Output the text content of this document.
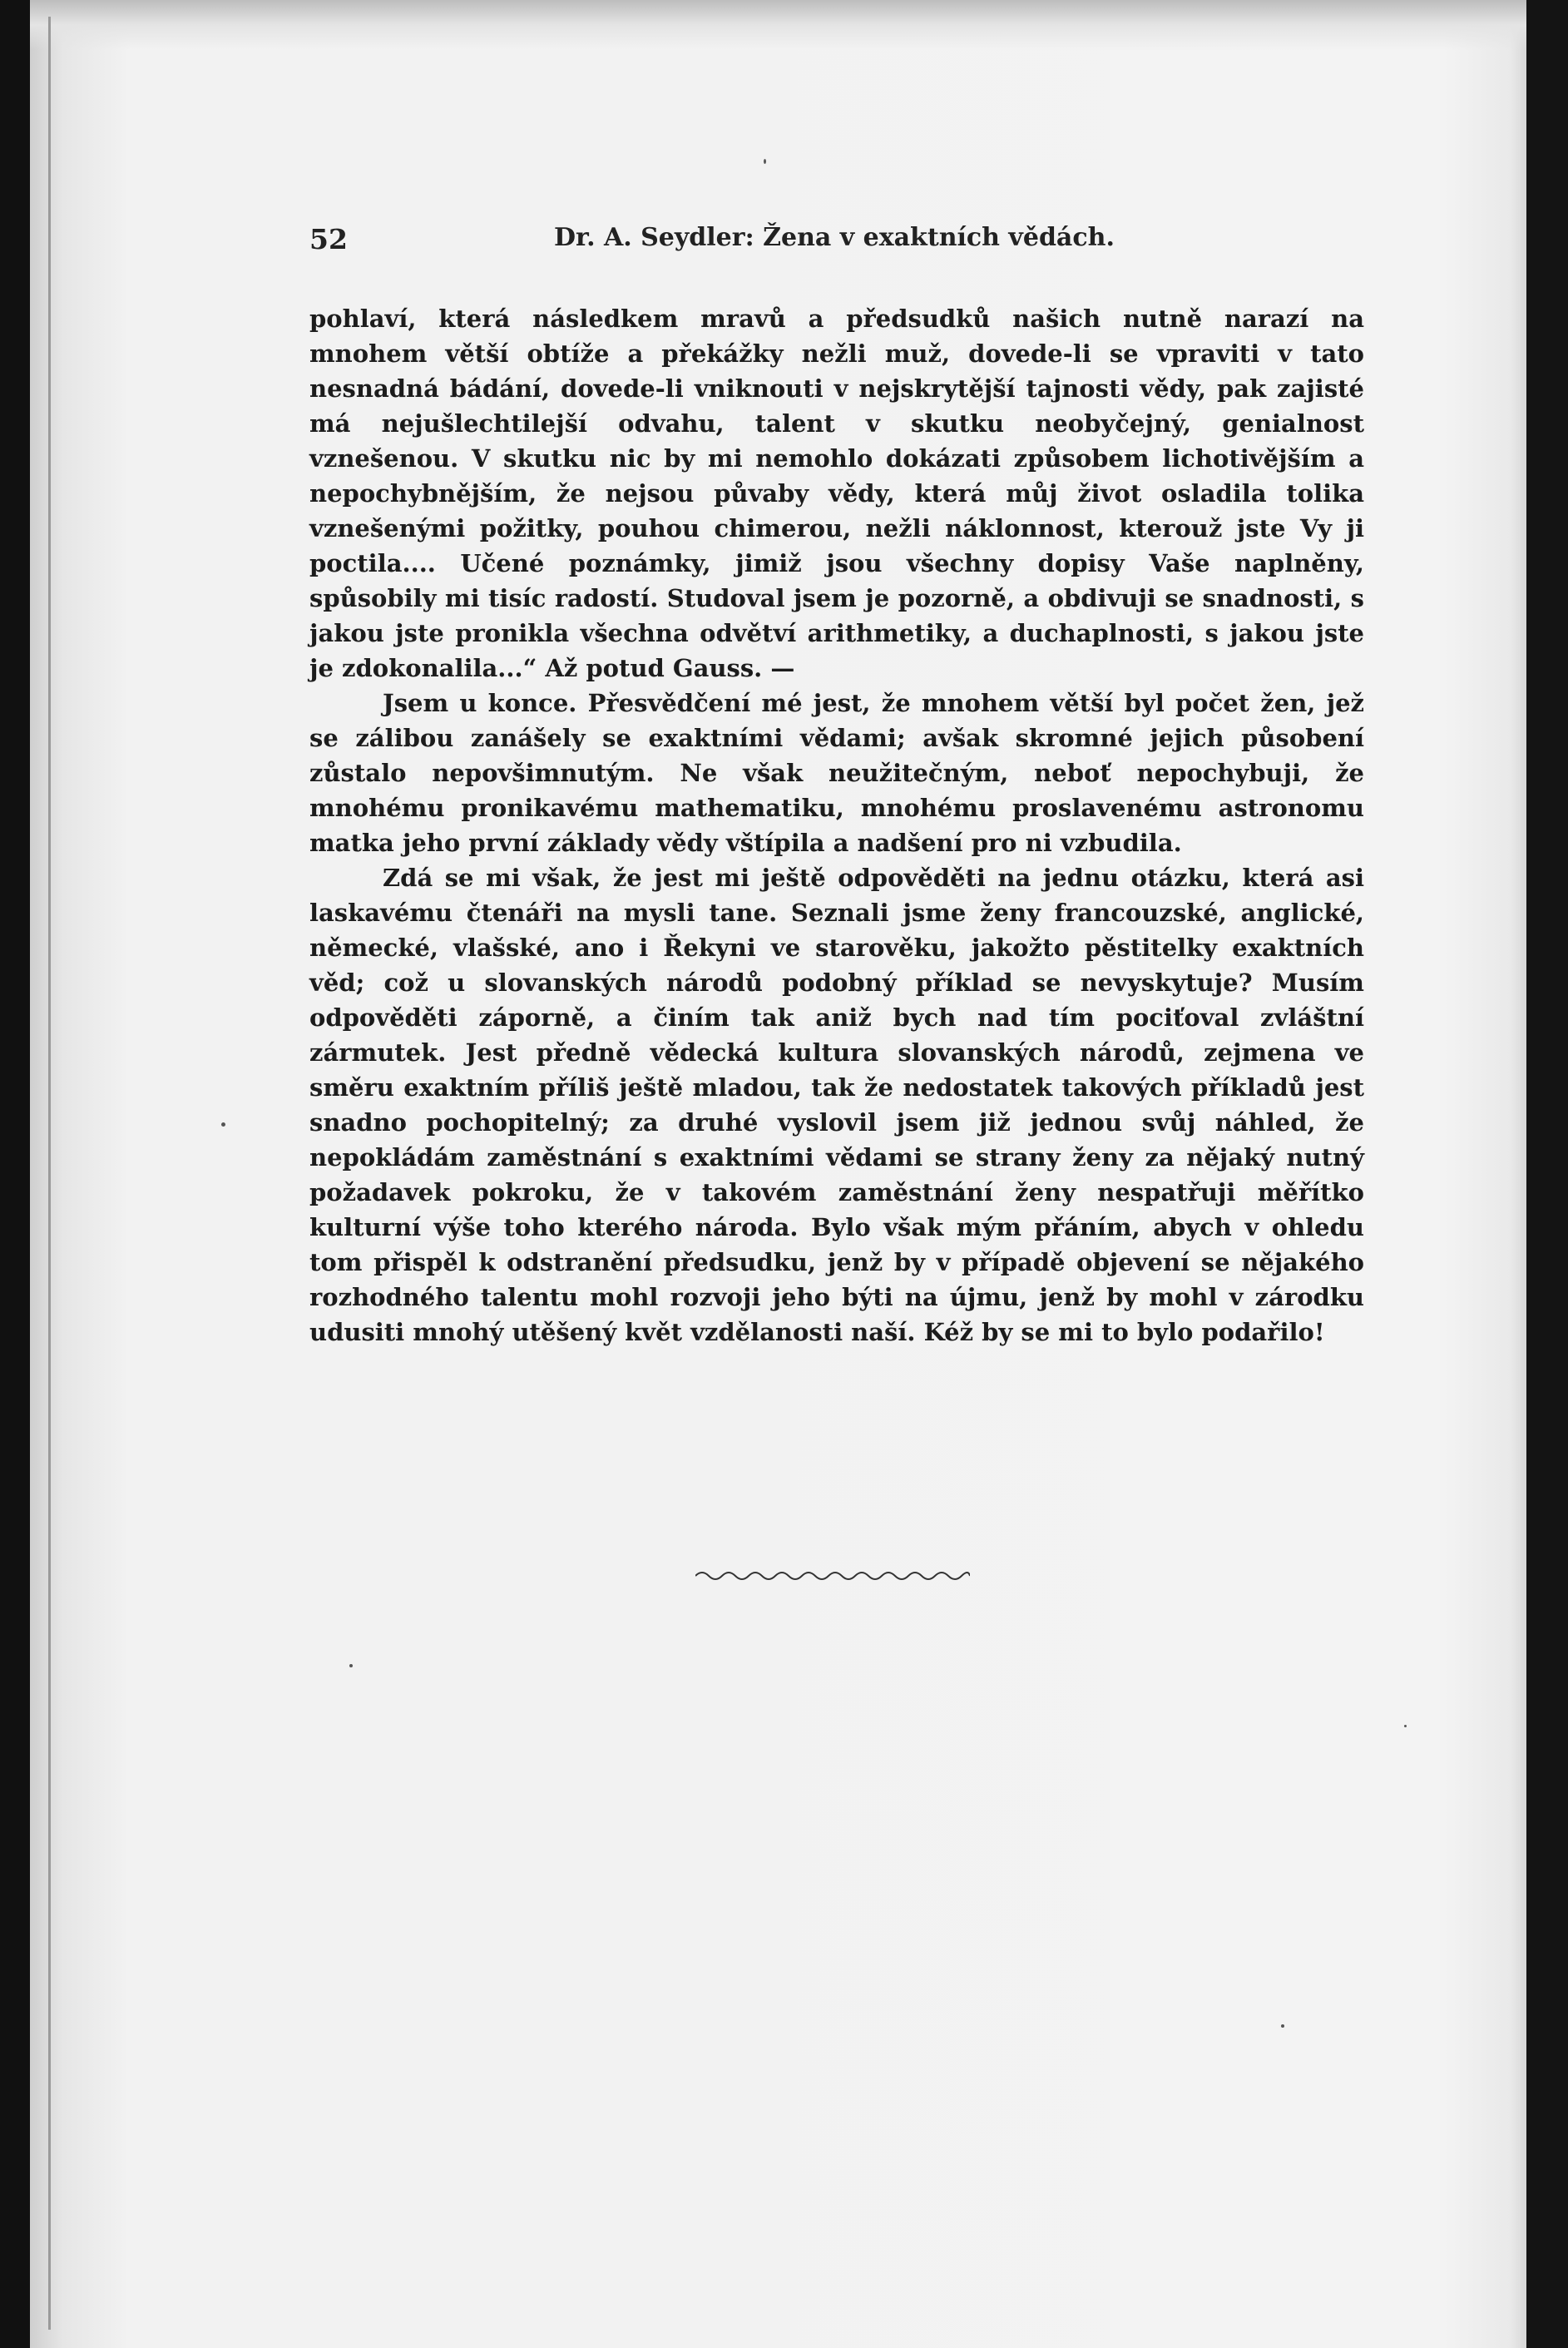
52	Dr. A. Seydler: Žena v exaktních vědách.

pohlaví, která následkem mravů a předsudků našich nutně narazí na mnohem větší obtíže a překážky nežli muž, dovede-li se vpraviti v tato nesnadná bádání, dovede-li vniknouti v nejskrytější tajnosti vědy, pak zajisté má nejušlechtilejší odvahu, talent v skutku neobyčejný, genialnost vznešenou. V skutku nic by mi nemohlo dokázati způsobem lichotivějším a nepochybnějším, že nejsou půvaby vědy, která můj život osladila tolika vznešenými požitky, pouhou chimerou, nežli náklonnost, kterouž jste Vy ji poctila.... Učené poznámky, jimiž jsou všechny dopisy Vaše naplněny, spůsobily mi tisíc radostí. Studoval jsem je pozorně, a obdivuji se snadnosti, s jakou jste pronikla všechna odvětví arithmetiky, a duchaplnosti, s jakou jste je zdokonalila...“ Až potud Gauss. —

Jsem u konce. Přesvědčení mé jest, že mnohem větší byl počet žen, jež se zálibou zanášely se exaktními vědami; avšak skromné jejich působení zůstalo nepovšimnutým. Ne však neužitečným, neboť nepochybuji, že mnohému pronikavému mathematiku, mnohému proslavenému astronomu matka jeho první základy vědy vštípila a nadšení pro ni vzbudila.

Zdá se mi však, že jest mi ještě odpověděti na jednu otázku, která asi laskavému čtenáři na mysli tane. Seznali jsme ženy francouzské, anglické, německé, vlašské, ano i Řekyni ve starověku, jakožto pěstitelky exaktních věd; což u slovanských národů podobný příklad se nevyskytuje? Musím odpověděti záporně, a činím tak aniž bych nad tím pociťoval zvláštní zármutek. Jest předně vědecká kultura slovanských národů, zejmena ve směru exaktním příliš ještě mladou, tak že nedostatek takových příkladů jest snadno pochopitelný; za druhé vyslovil jsem již jednou svůj náhled, že nepokládám zaměstnání s exaktními vědami se strany ženy za nějaký nutný požadavek pokroku, že v takovém zaměstnání ženy nespatřuji měřítko kulturní výše toho kterého národa. Bylo však mým přáním, abych v ohledu tom přispěl k odstranění předsudku, jenž by v případě objevení se nějakého rozhodného talentu mohl rozvoji jeho býti na újmu, jenž by mohl v zárodku udusiti mnohý utěšený květ vzdělanosti naší. Kéž by se mi to bylo podařilo!
